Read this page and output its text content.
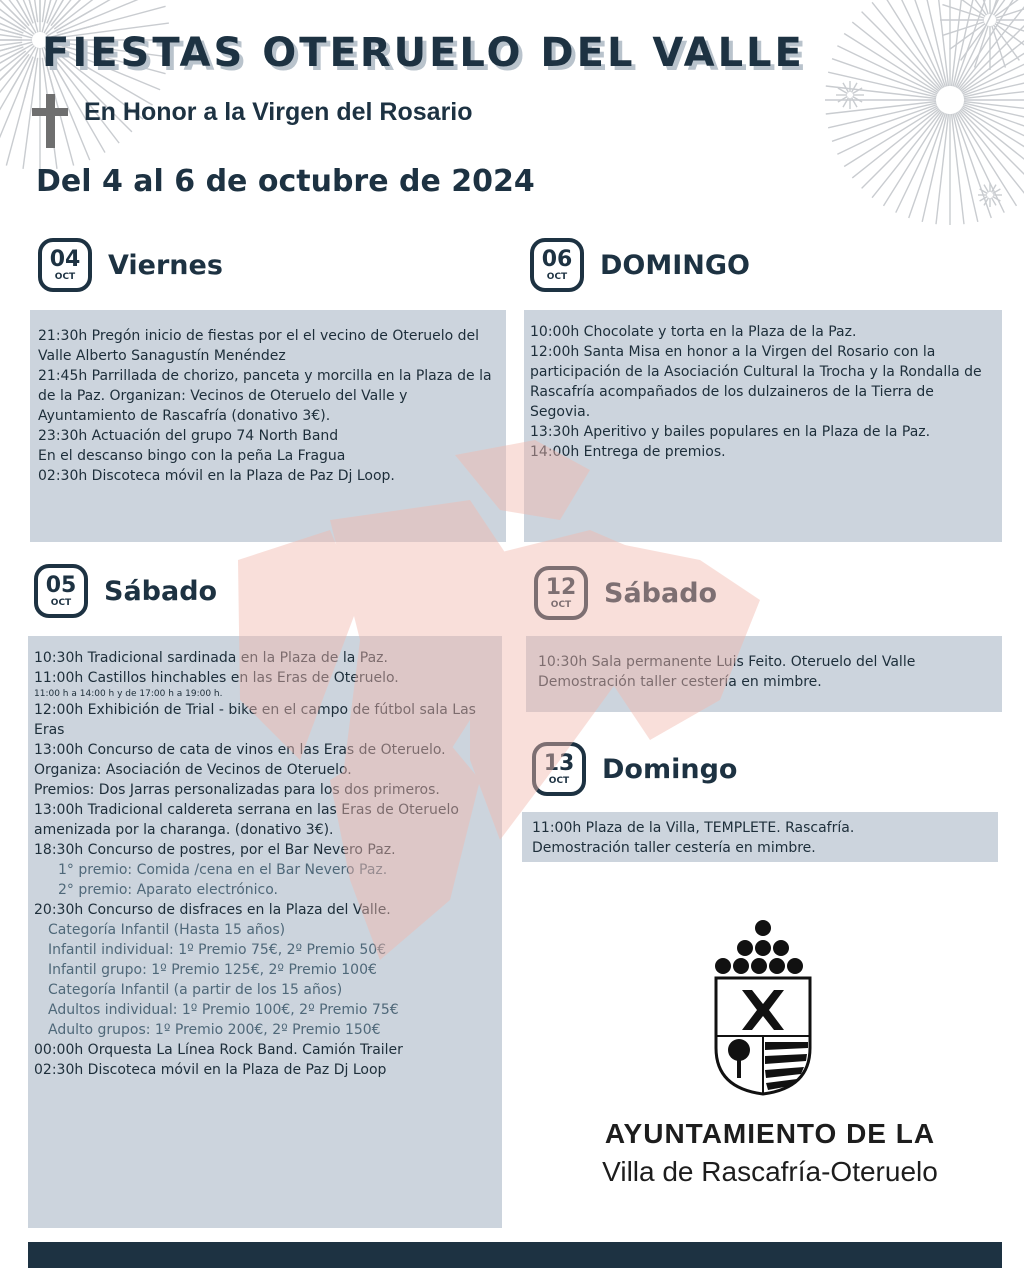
FIESTAS OTERUELO DEL VALLE
En Honor a la Virgen del Rosario
Del 4 al 6 de octubre de 2024
04
OCT Viernes

21:30h Pregón inicio de fiestas por el el vecino de Oteruelo del Valle Alberto Sanagustín Menéndez

21:45h Parrillada de chorizo, panceta y morcilla en la Plaza de la de la Paz. Organizan: Vecinos de Oteruelo del Valle y Ayuntamiento de Rascafría (donativo 3€).

23:30h Actuación del grupo 74 North Band

En el descanso bingo con la peña La Fragua

02:30h Discoteca móvil en la Plaza de Paz Dj Loop.

06
OCT DOMINGO

10:00h Chocolate y torta en la Plaza de la Paz.

12:00h Santa Misa en honor a la Virgen del Rosario con la participación de la Asociación Cultural la Trocha y la Rondalla de Rascafría acompañados de los dulzaineros de la Tierra de Segovia.

13:30h Aperitivo y bailes populares en la Plaza de la Paz.

14:00h Entrega de premios.

05
OCT Sábado

10:30h Tradicional sardinada en la Plaza de la Paz.

11:00h Castillos hinchables en las Eras de Oteruelo.

11:00 h a 14:00 h y de 17:00 h a 19:00 h.

12:00h Exhibición de Trial - bike en el campo de fútbol sala Las Eras

13:00h Concurso de cata de vinos en las Eras de Oteruelo.

Organiza: Asociación de Vecinos de Oteruelo.

Premios: Dos Jarras personalizadas para los dos primeros.

13:00h Tradicional caldereta serrana en las Eras de Oteruelo amenizada por la charanga. (donativo 3€).

18:30h Concurso de postres, por el Bar Nevero Paz.

1° premio: Comida /cena en el Bar Nevero Paz.

2° premio: Aparato electrónico.

20:30h Concurso de disfraces en la Plaza del Valle.

Categoría Infantil (Hasta 15 años)

Infantil individual: 1º Premio 75€, 2º Premio 50€

Infantil grupo: 1º Premio 125€, 2º Premio 100€

Categoría Infantil (a partir de los 15 años)

Adultos individual: 1º Premio 100€, 2º Premio 75€

Adulto grupos: 1º Premio 200€, 2º Premio 150€

00:00h Orquesta La Línea Rock Band. Camión Trailer

02:30h Discoteca móvil en la Plaza de Paz Dj Loop

12
OCT Sábado

10:30h Sala permanente Luis Feito. Oteruelo del Valle

Demostración taller cestería en mimbre.

13
OCT Domingo

11:00h Plaza de la Villa, TEMPLETE. Rascafría.

Demostración taller cestería en mimbre.

AYUNTAMIENTO DE LA
Villa de Rascafría-Oteruelo
